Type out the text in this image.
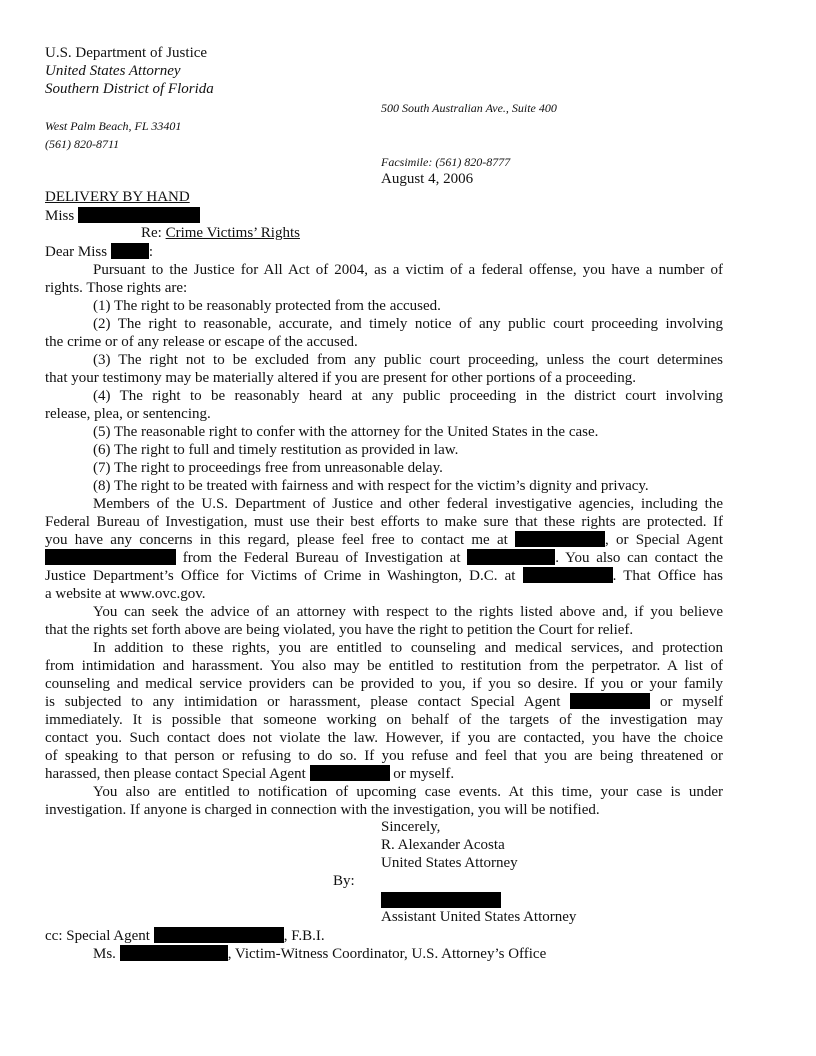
U.S. Department of Justice
United States Attorney
Southern District of Florida
500 South Australian Ave., Suite 400
West Palm Beach, FL 33401
(561) 820-8711
Facsimile: (561) 820-8777
August 4, 2006
DELIVERY BY HAND
Miss
Re: Crime Victims’ Rights
Dear Miss	:
Pursuant to the Justice for All Act of 2004, as a victim of a federal offense, you have a number of
rights. Those rights are:
(1) The right to be reasonably protected from the accused.
(2) The right to reasonable, accurate, and timely notice of any public court proceeding involving
the crime or of any release or escape of the accused.
(3) The right not to be excluded from any public court proceeding, unless the court determines
that your testimony may be materially altered if you are present for other portions of a proceeding.
(4) The right to be reasonably heard at any public proceeding in the district court involving
release, plea, or sentencing.
(5) The reasonable right to confer with the attorney for the United States in the case.
(6) The right to full and timely restitution as provided in law.
(7) The right to proceedings free from unreasonable delay.
(8) The right to be treated with fairness and with respect for the victim’s dignity and privacy.
Members of the U.S. Department of Justice and other federal investigative agencies, including the
Federal Bureau of Investigation, must use their best efforts to make sure that these rights are protected. If
you have any concerns in this regard, please feel free to contact me at	, or Special Agent
from the Federal Bureau of Investigation at	. You also can contact the
Justice Department’s Office for Victims of Crime in Washington, D.C. at	. That Office has
a website at www.ovc.gov.
You can seek the advice of an attorney with respect to the rights listed above and, if you believe
that the rights set forth above are being violated, you have the right to petition the Court for relief.
In addition to these rights, you are entitled to counseling and medical services, and protection
from intimidation and harassment. You also may be entitled to restitution from the perpetrator. A list of
counseling and medical service providers can be provided to you, if you so desire. If you or your family
is subjected to any intimidation or harassment, please contact Special Agent	or myself
immediately. It is possible that someone working on behalf of the targets of the investigation may
contact you. Such contact does not violate the law. However, if you are contacted, you have the choice
of speaking to that person or refusing to do so. If you refuse and feel that you are being threatened or
harassed, then please contact Special Agent	or myself.
You also are entitled to notification of upcoming case events. At this time, your case is under
investigation. If anyone is charged in connection with the investigation, you will be notified.
Sincerely,
R. Alexander Acosta
United States Attorney
By:
Assistant United States Attorney
cc: Special Agent	, F.B.I.
Ms.	, Victim-Witness Coordinator, U.S. Attorney’s Office
